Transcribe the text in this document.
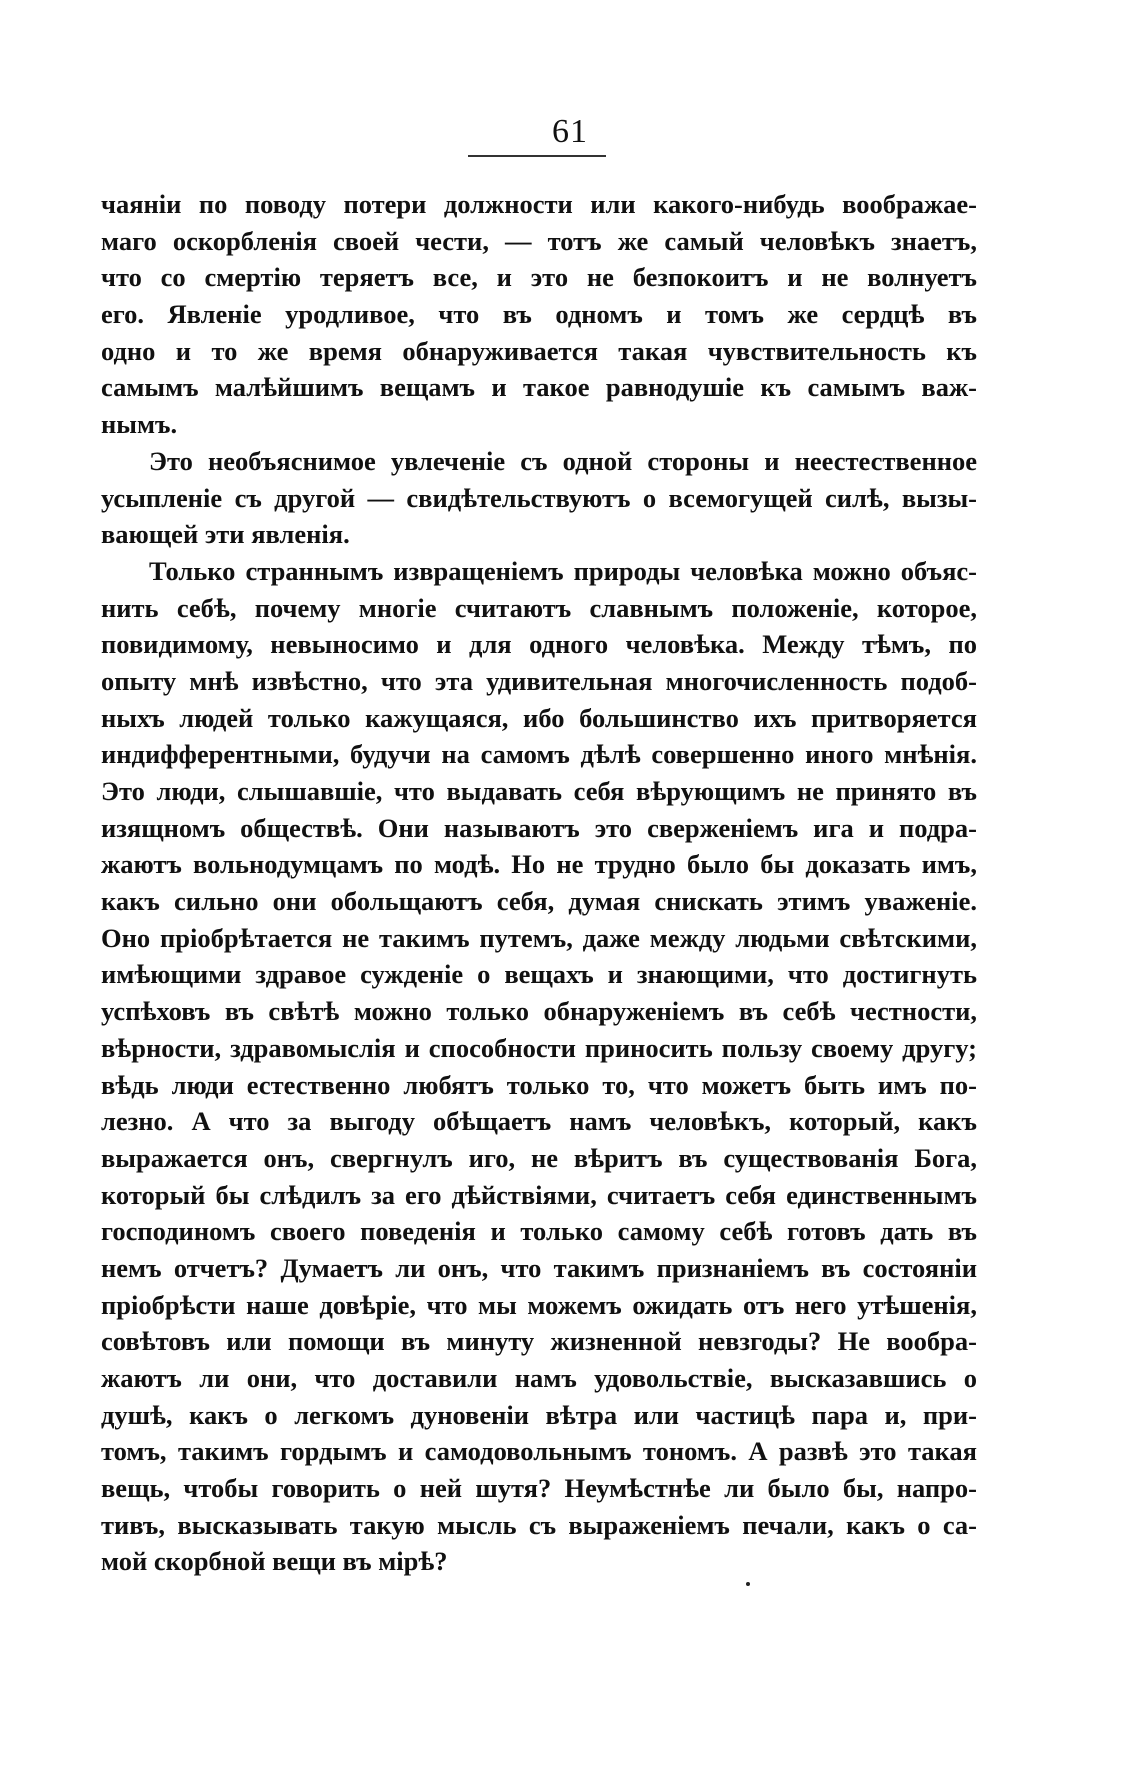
61
чаяніи по поводу потери должности или какого-нибудь воображае-
маго оскорбленія своей чести, — тотъ же самый человѣкъ знаетъ,
что со смертію теряетъ все, и это не безпокоитъ и не волнуетъ
его. Явленіе уродливое, что въ одномъ и томъ же сердцѣ въ
одно и то же время обнаруживается такая чувствительность къ
самымъ малѣйшимъ вещамъ и такое равнодушіе къ самымъ важ-
нымъ.
Это необъяснимое увлеченіе съ одной стороны и неестественное
усыпленіе съ другой — свидѣтельствуютъ о всемогущей силѣ, вызы-
вающей эти явленія.
Только страннымъ извращеніемъ природы человѣка можно объяс-
нить себѣ, почему многіе считаютъ славнымъ положеніе, которое,
повидимому, невыносимо и для одного человѣка. Между тѣмъ, по
опыту мнѣ извѣстно, что эта удивительная многочисленность подоб-
ныхъ людей только кажущаяся, ибо большинство ихъ притворяется
индифферентными, будучи на самомъ дѣлѣ совершенно иного мнѣнія.
Это люди, слышавшіе, что выдавать себя вѣрующимъ не принято въ
изящномъ обществѣ. Они называютъ это сверженіемъ ига и подра-
жаютъ вольнодумцамъ по модѣ. Но не трудно было бы доказать имъ,
какъ сильно они обольщаютъ себя, думая снискать этимъ уваженіе.
Оно пріобрѣтается не такимъ путемъ, даже между людьми свѣтскими,
имѣющими здравое сужденіе о вещахъ и знающими, что достигнуть
успѣховъ въ свѣтѣ можно только обнаруженіемъ въ себѣ честности,
вѣрности, здравомыслія и способности приносить пользу своему другу;
вѣдь люди естественно любятъ только то, что можетъ быть имъ по-
лезно. А что за выгоду обѣщаетъ намъ человѣкъ, который, какъ
выражается онъ, свергнулъ иго, не вѣритъ въ существованія Бога,
который бы слѣдилъ за его дѣйствіями, считаетъ себя единственнымъ
господиномъ своего поведенія и только самому себѣ готовъ дать въ
немъ отчетъ? Думаетъ ли онъ, что такимъ признаніемъ въ состояніи
пріобрѣсти наше довѣріе, что мы можемъ ожидать отъ него утѣшенія,
совѣтовъ или помощи въ минуту жизненной невзгоды? Не вообра-
жаютъ ли они, что доставили намъ удовольствіе, высказавшись о
душѣ, какъ о легкомъ дуновеніи вѣтра или частицѣ пара и, при-
томъ, такимъ гордымъ и самодовольнымъ тономъ. А развѣ это такая
вещь, чтобы говорить о ней шутя? Неумѣстнѣе ли было бы, напро-
тивъ, высказывать такую мысль съ выраженіемъ печали, какъ о са-
мой скорбной вещи въ мірѣ?
